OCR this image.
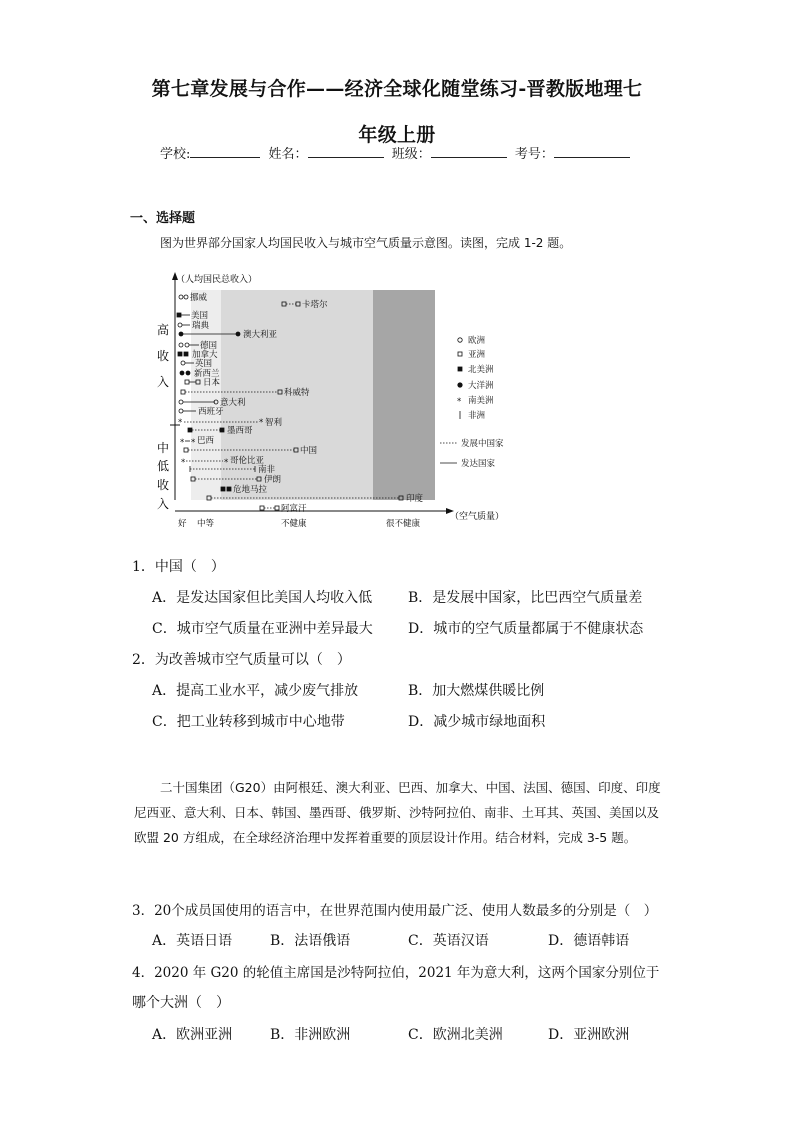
第七章发展与合作——经济全球化随堂练习-晋教版地理七
年级上册
学校:	姓名：	班级：	考号：
一、选择题
图为世界部分国家人均国民收入与城市空气质量示意图。读图，完成 1-2 题。
（人均国民总收入）
高
收
入
中
低
收
入
（空气质量）
好 中等	不健康	很不健康
挪威
卡塔尔
美国
瑞典
澳大利亚
德国
加拿大
英国
新西兰
日本
科威特
意大利
西班牙
*	* 智利
墨西哥
* * 巴西
中国
*	* 哥伦比亚
南非
伊朗
危地马拉
印度
阿富汗
欧洲
亚洲
北美洲
大洋洲
* 南美洲
非洲
发展中国家
发达国家
1．中国（　）
A．是发达国家但比美国人均收入低	B．是发展中国家，比巴西空气质量差
C．城市空气质量在亚洲中差异最大	D．城市的空气质量都属于不健康状态
2．为改善城市空气质量可以（　）
A．提高工业水平，减少废气排放	B．加大燃煤供暖比例
C．把工业转移到城市中心地带	D．减少城市绿地面积
二十国集团（G20）由阿根廷、澳大利亚、巴西、加拿大、中国、法国、德国、印度、印度尼西亚、意大利、日本、韩国、墨西哥、俄罗斯、沙特阿拉伯、南非、土耳其、英国、美国以及欧盟 20 方组成，在全球经济治理中发挥着重要的顶层设计作用。结合材料，完成 3-5 题。
3．20个成员国使用的语言中，在世界范围内使用最广泛、使用人数最多的分别是（　）
A．英语日语	B．法语俄语	C．英语汉语	D．德语韩语
4．2020 年 G20 的轮值主席国是沙特阿拉伯，2021 年为意大利，这两个国家分别位于
哪个大洲（　）
A．欧洲亚洲	B．非洲欧洲	C．欧洲北美洲	D．亚洲欧洲
